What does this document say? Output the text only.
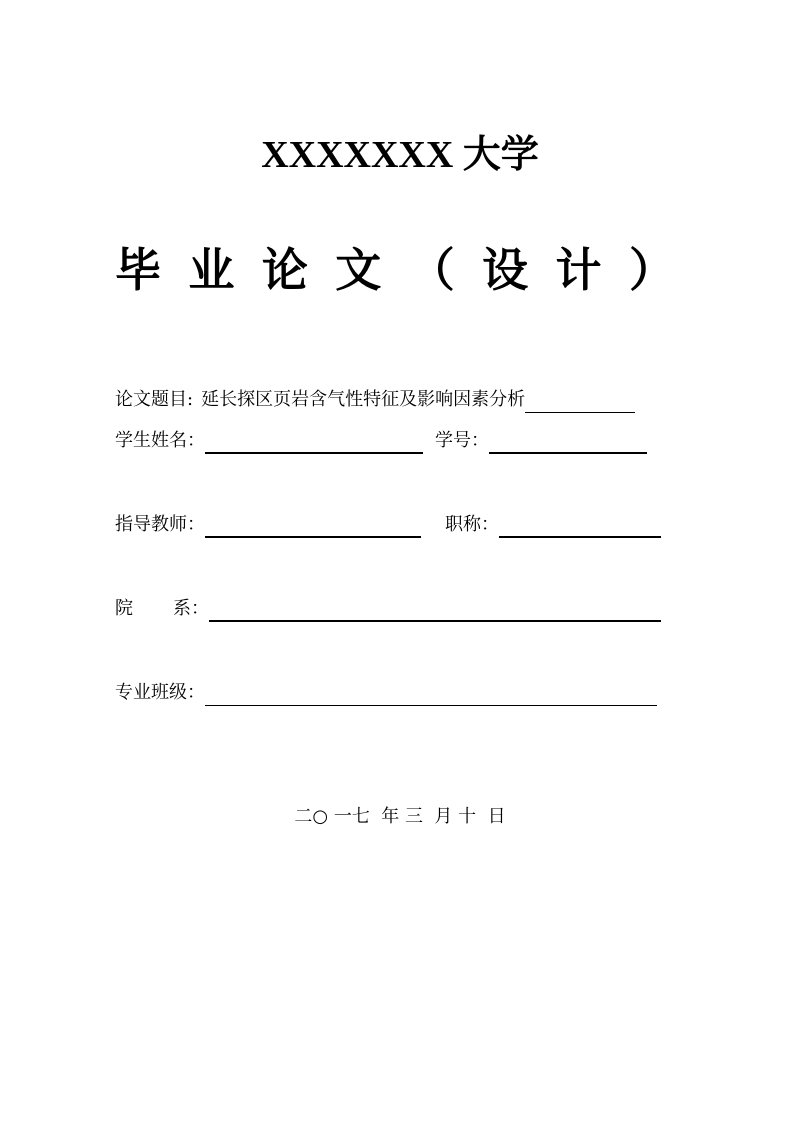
XXXXXXX 大学
毕 业 论 文 （ 设 计 ）
论文题目: 延长探区页岩含气性特征及影响因素分析
学生姓名：	学号：
指导教师：	职称：
院 系：
专业班级：
二○ 一七  年 三  月 十  日
